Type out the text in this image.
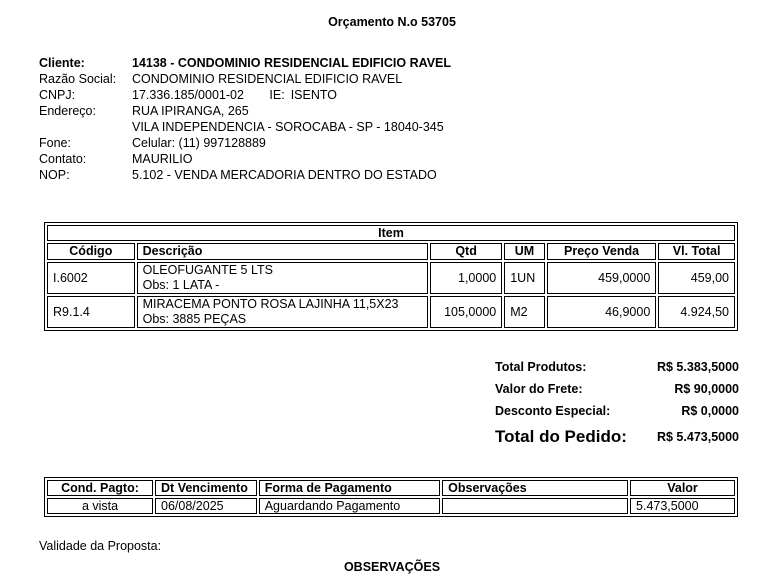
Orçamento N.o 53705
Cliente:	14138 - CONDOMINIO RESIDENCIAL EDIFICIO RAVEL
Razão Social: CONDOMINIO RESIDENCIAL EDIFICIO RAVEL
CNPJ:	17.336.185/0001-02 IE: ISENTO
Endereço:	RUA IPIRANGA, 265
VILA INDEPENDENCIA - SOROCABA - SP - 18040-345
Fone:	Celular: (11) 997128889
Contato:	MAURILIO
NOP:	5.102 - VENDA MERCADORIA DENTRO DO ESTADO
Item					
Código	Descrição	Qtd	UM	Preço Venda	Vl. Total
I.6002	OLEOFUGANTE 5 LTS
Obs: 1 LATA -	1,0000	1UN	459,0000	459,00
R9.1.4	MIRACEMA PONTO ROSA LAJINHA 11,5X23
Obs: 3885 PEÇAS	105,0000	M2	46,9000	4.924,50
Total Produtos:	R$ 5.383,5000
Valor do Frete:	R$ 90,0000
Desconto Especial:	R$ 0,0000
Total do Pedido: R$ 5.473,5000
Cond. Pagto:	Dt Vencimento	Forma de Pagamento	Observações	Valor
a vista	06/08/2025	Aguardando Pagamento		5.473,5000
Validade da Proposta:
OBSERVAÇÕES
